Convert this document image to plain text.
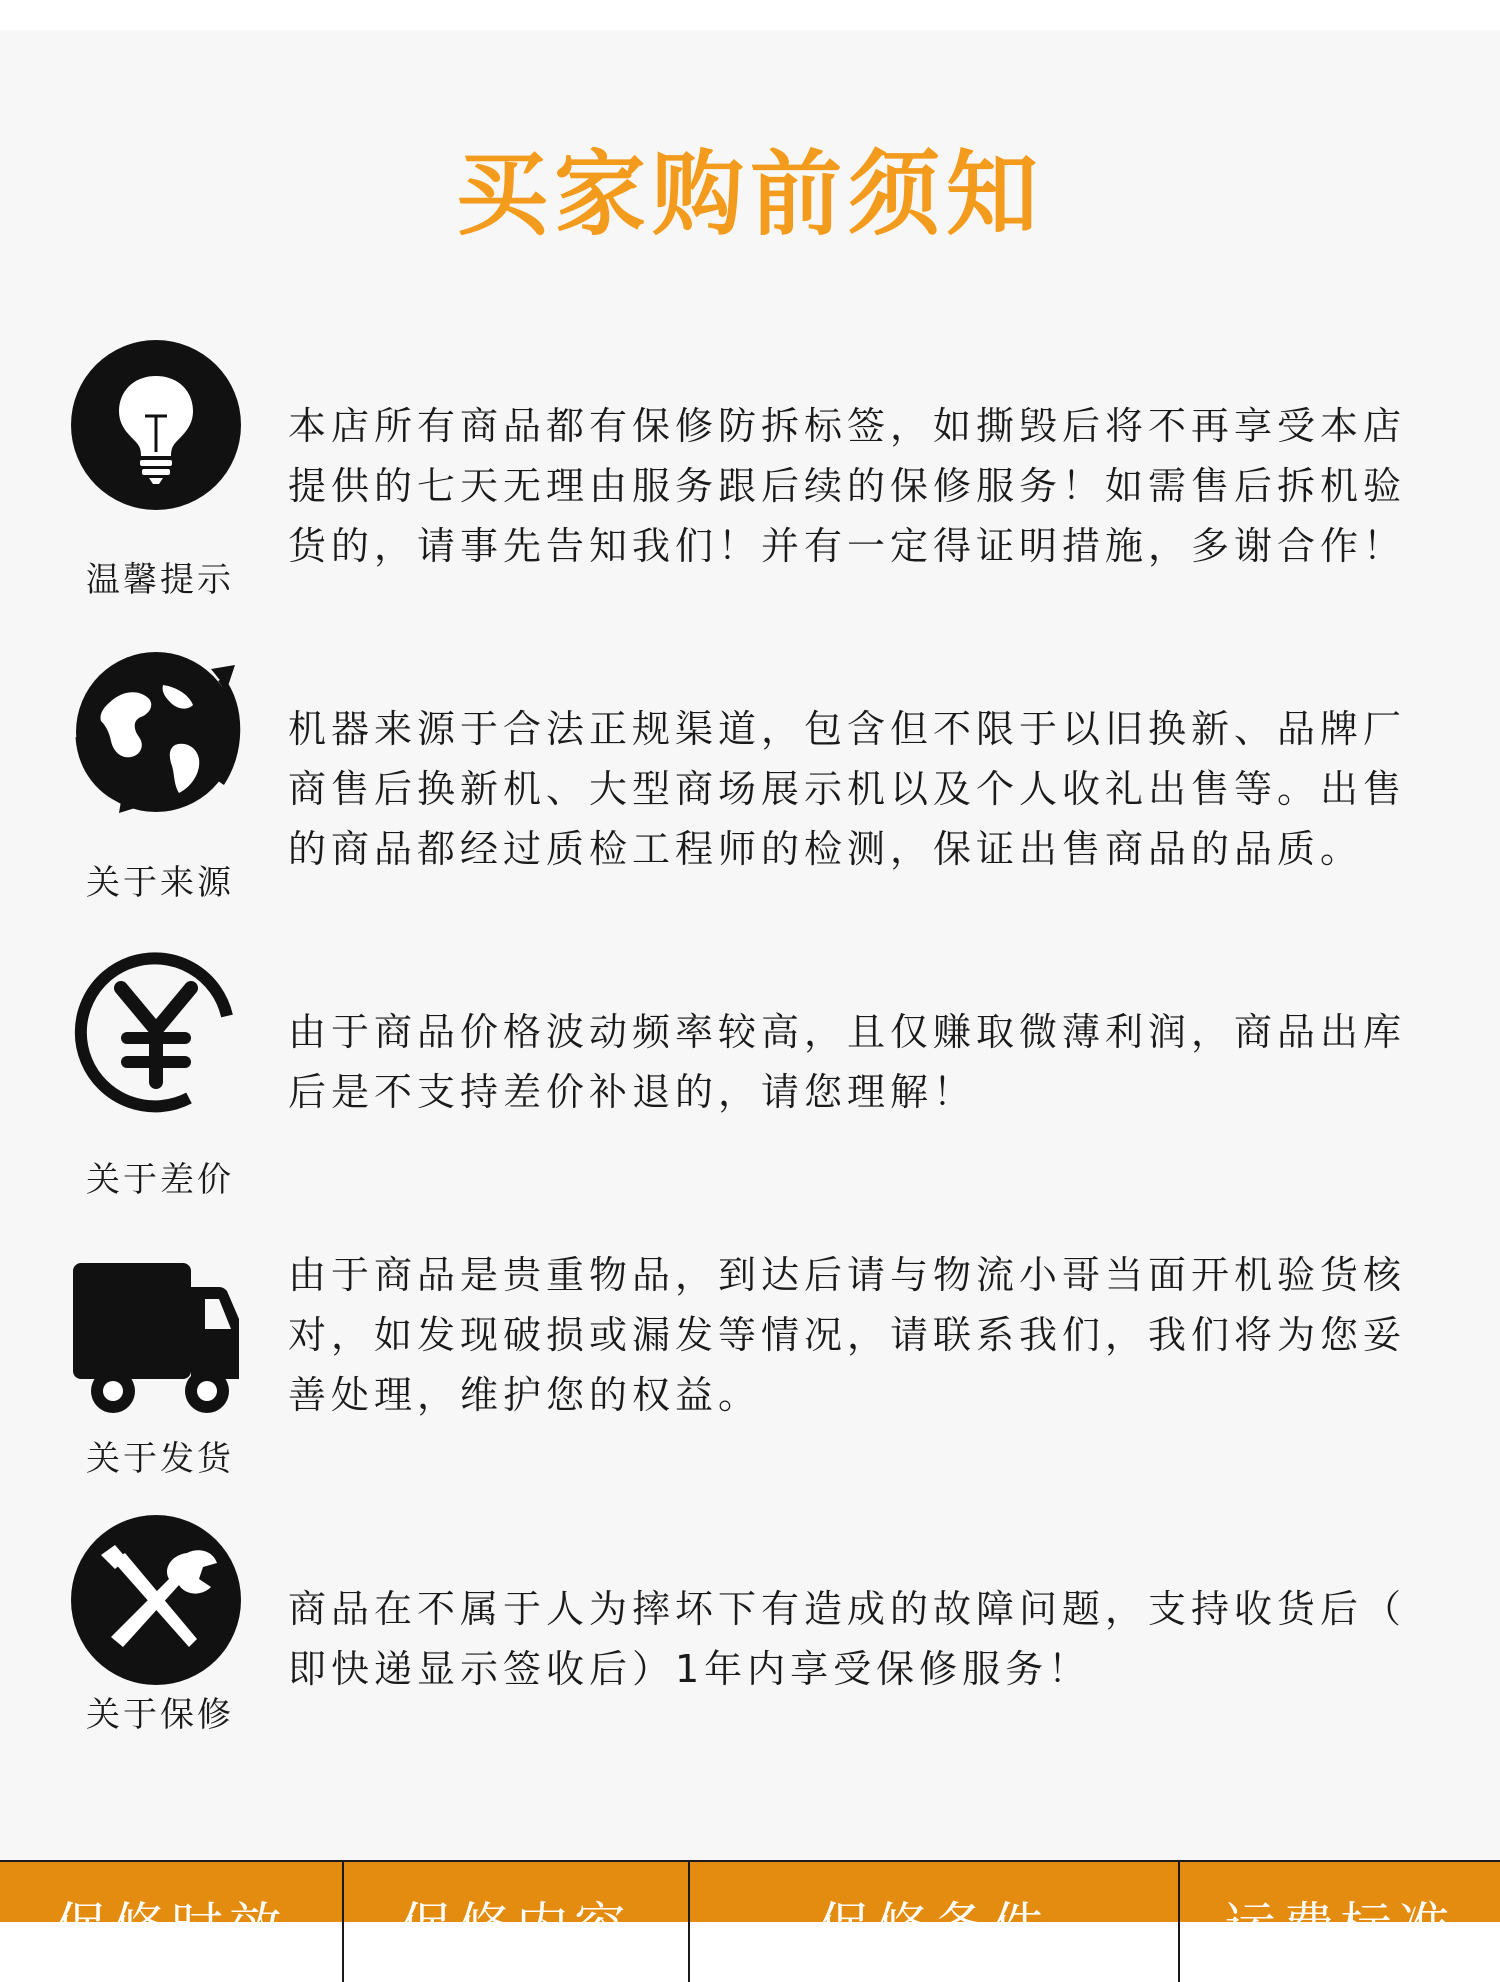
买家购前须知
温馨提示
本店所有商品都有保修防拆标签，如撕毁后将不再享受本店
提供的七天无理由服务跟后续的保修服务！如需售后拆机验
货的，请事先告知我们！并有一定得证明措施，多谢合作！
关于来源
机器来源于合法正规渠道，包含但不限于以旧换新、品牌厂
商售后换新机、大型商场展示机以及个人收礼出售等。出售
的商品都经过质检工程师的检测，保证出售商品的品质。
关于差价
由于商品价格波动频率较高，且仅赚取微薄利润，商品出库
后是不支持差价补退的，请您理解！
关于发货
由于商品是贵重物品，到达后请与物流小哥当面开机验货核
对，如发现破损或漏发等情况，请联系我们，我们将为您妥
善处理，维护您的权益。
关于保修
商品在不属于人为摔坏下有造成的故障问题，支持收货后（
即快递显示签收后）1年内享受保修服务！
保修时效	保修内容	保修条件	运费标准
